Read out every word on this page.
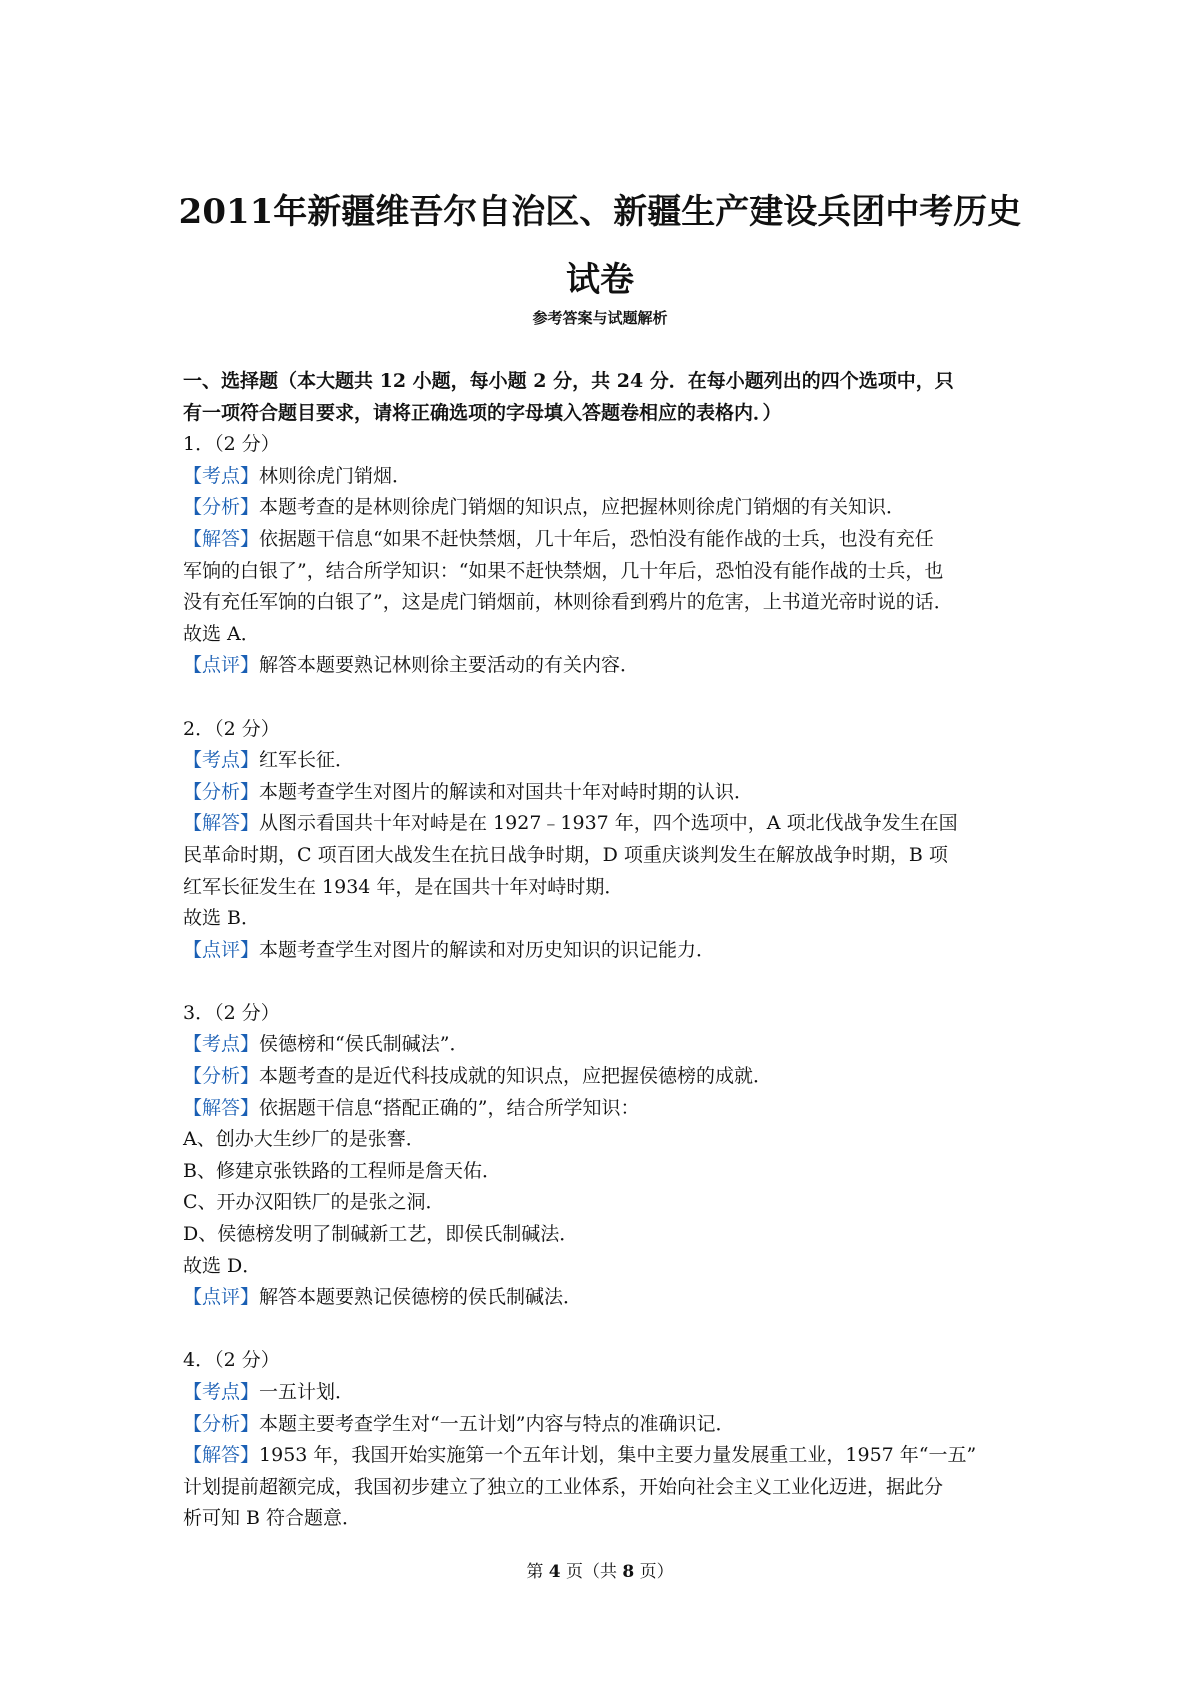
2011年新疆维吾尔自治区、新疆生产建设兵团中考历史
试卷
参考答案与试题解析
一、选择题（本大题共 12 小题，每小题 2 分，共 24 分．在每小题列出的四个选项中，只
有一项符合题目要求，请将正确选项的字母填入答题卷相应的表格内．）
1．（2 分）
【考点】林则徐虎门销烟．
【分析】本题考查的是林则徐虎门销烟的知识点，应把握林则徐虎门销烟的有关知识．
【解答】依据题干信息“如果不赶快禁烟，几十年后，恐怕没有能作战的士兵，也没有充任
军饷的白银了”，结合所学知识：“如果不赶快禁烟，几十年后，恐怕没有能作战的士兵，也
没有充任军饷的白银了”，这是虎门销烟前，林则徐看到鸦片的危害，上书道光帝时说的话．
故选 A．
【点评】解答本题要熟记林则徐主要活动的有关内容．
2．（2 分）
【考点】红军长征．
【分析】本题考查学生对图片的解读和对国共十年对峙时期的认识．
【解答】从图示看国共十年对峙是在 1927﹣1937 年，四个选项中，A 项北伐战争发生在国
民革命时期，C 项百团大战发生在抗日战争时期，D 项重庆谈判发生在解放战争时期，B 项
红军长征发生在 1934 年，是在国共十年对峙时期．
故选 B．
【点评】本题考查学生对图片的解读和对历史知识的识记能力．
3．（2 分）
【考点】侯德榜和“侯氏制碱法”．
【分析】本题考查的是近代科技成就的知识点，应把握侯德榜的成就．
【解答】依据题干信息“搭配正确的”，结合所学知识：
A、创办大生纱厂的是张謇．
B、修建京张铁路的工程师是詹天佑．
C、开办汉阳铁厂的是张之洞．
D、侯德榜发明了制碱新工艺，即侯氏制碱法．
故选 D．
【点评】解答本题要熟记侯德榜的侯氏制碱法．
4．（2 分）
【考点】一五计划．
【分析】本题主要考查学生对“一五计划”内容与特点的准确识记．
【解答】1953 年，我国开始实施第一个五年计划，集中主要力量发展重工业，1957 年“一五”
计划提前超额完成，我国初步建立了独立的工业体系，开始向社会主义工业化迈进，据此分
析可知 B 符合题意．
第 4 页（共 8 页）
